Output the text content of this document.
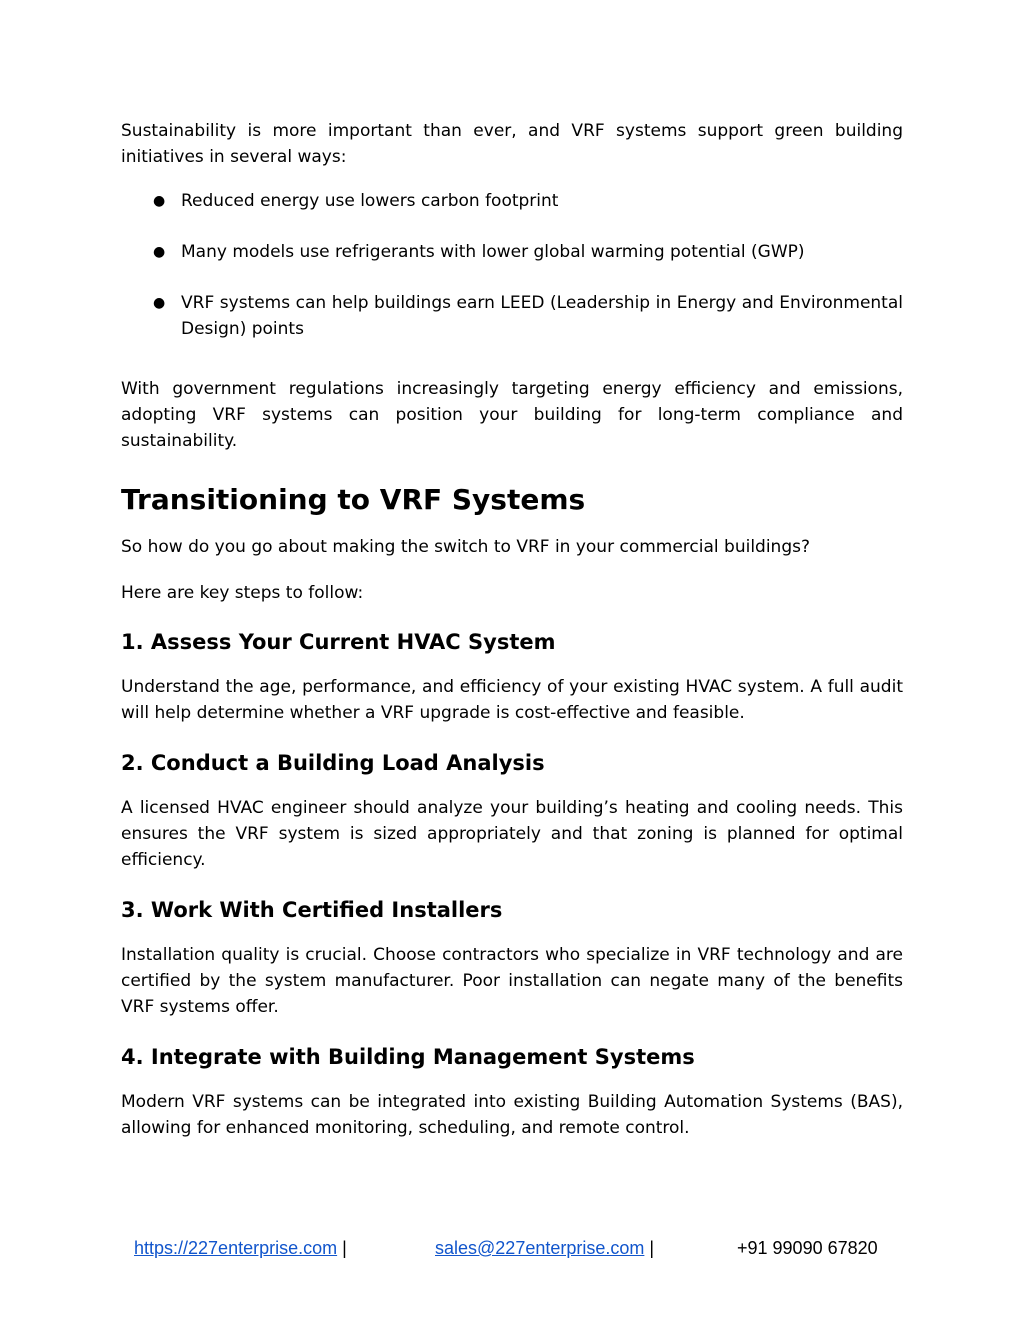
Sustainability is more important than ever, and VRF systems support green building initiatives in several ways:

● Reduced energy use lowers carbon footprint
● Many models use refrigerants with lower global warming potential (GWP)
● VRF systems can help buildings earn LEED (Leadership in Energy and Environmental Design) points

With government regulations increasingly targeting energy efficiency and emissions, adopting VRF systems can position your building for long-term compliance and sustainability.

Transitioning to VRF Systems

So how do you go about making the switch to VRF in your commercial buildings?

Here are key steps to follow:

1. Assess Your Current HVAC System

Understand the age, performance, and efficiency of your existing HVAC system. A full audit will help determine whether a VRF upgrade is cost-effective and feasible.

2. Conduct a Building Load Analysis

A licensed HVAC engineer should analyze your building’s heating and cooling needs. This ensures the VRF system is sized appropriately and that zoning is planned for optimal efficiency.

3. Work With Certified Installers

Installation quality is crucial. Choose contractors who specialize in VRF technology and are certified by the system manufacturer. Poor installation can negate many of the benefits VRF systems offer.

4. Integrate with Building Management Systems

Modern VRF systems can be integrated into existing Building Automation Systems (BAS), allowing for enhanced monitoring, scheduling, and remote control.

https://227enterprise.com |	sales@227enterprise.com |	+91 99090 67820
